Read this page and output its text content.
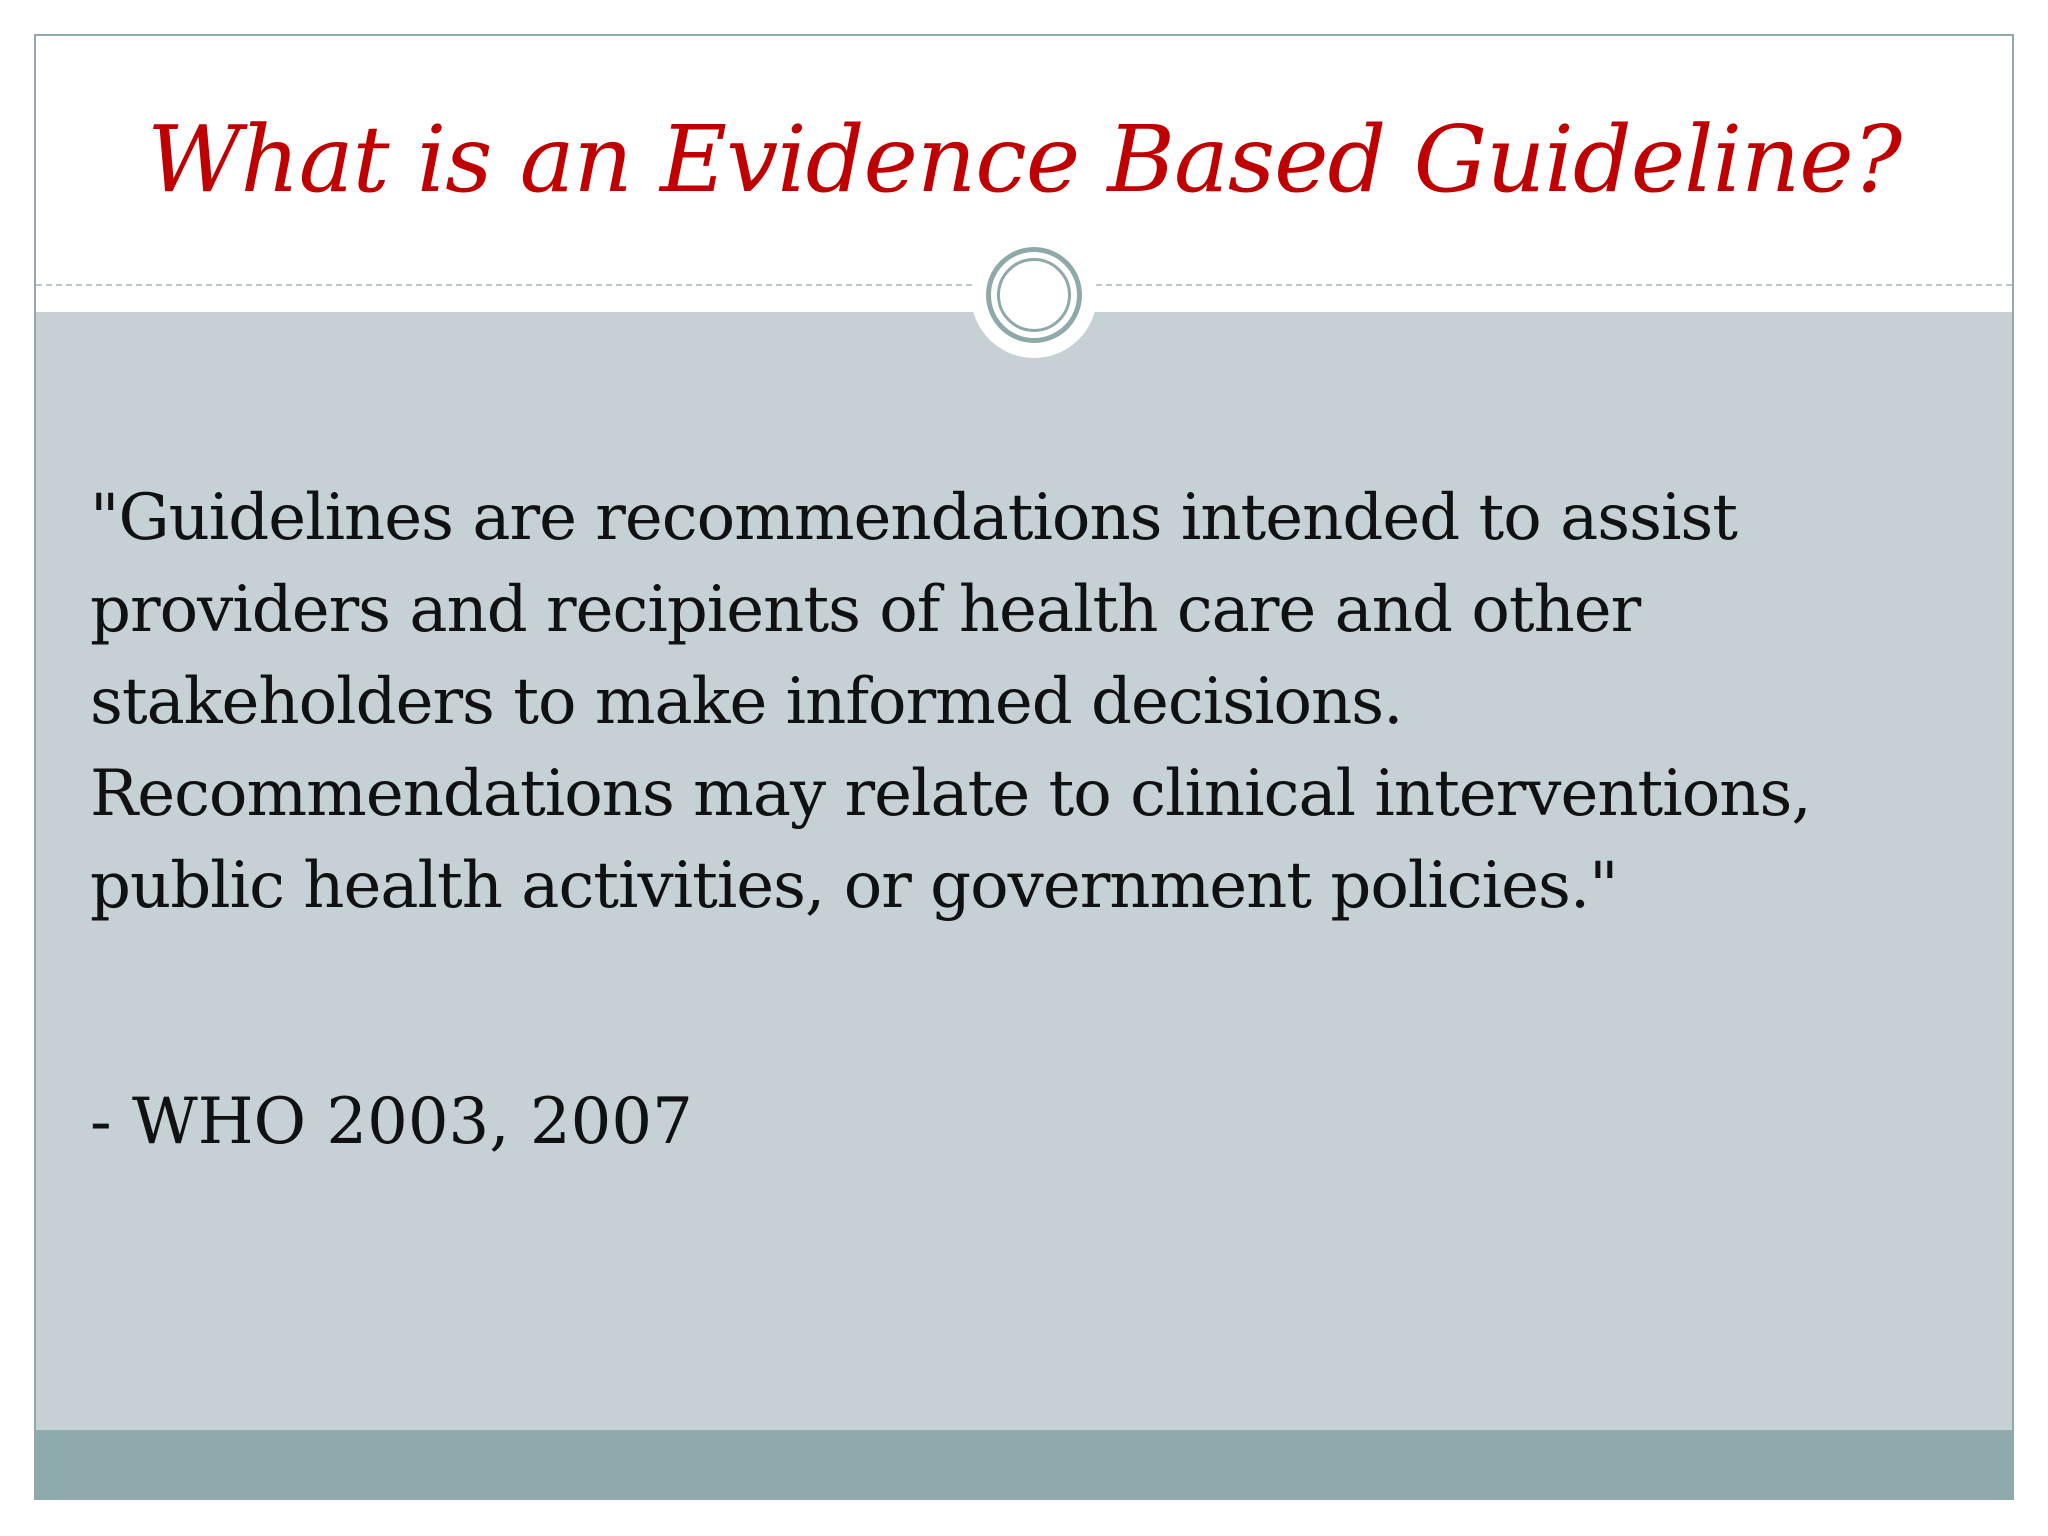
What is an Evidence Based Guideline?
"Guidelines are recommendations intended to assist
providers and recipients of health care and other
stakeholders to make informed decisions.
Recommendations may relate to clinical interventions,
public health activities, or government policies."
- WHO 2003, 2007
